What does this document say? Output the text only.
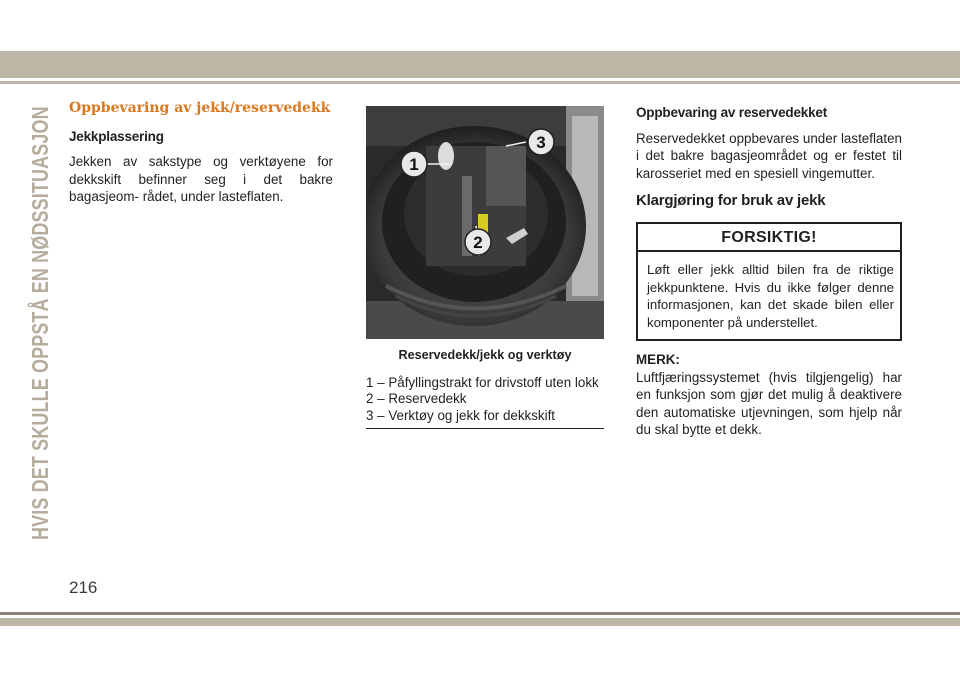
HVIS DET SKULLE OPPSTÅ EN NØDSSITUASJON Oppbevaring av jekk/reservedekk
Jekkplassering

Jekken av sakstype og verktøyene for dekkskift befinner seg i det bakre bagasjeom- rådet, under lasteflaten.

1
2
3
Reservedekk/jekk og verktøy
1 – Påfyllingstrakt for drivstoff uten lokk
2 – Reservedekk
3 – Verktøy og jekk for dekkskift
Oppbevaring av reservedekket

Reservedekket oppbevares under lasteflaten i det bakre bagasjeområdet og er festet til karosseriet med en spesiell vingemutter.

Klargjøring for bruk av jekk
FORSIKTIG!
Løft eller jekk alltid bilen fra de riktige jekkpunktene. Hvis du ikke følger denne informasjonen, kan det skade bilen eller komponenter på understellet.
MERK:

Luftfjæringssystemet (hvis tilgjengelig) har en funksjon som gjør det mulig å deaktivere den automatiske utjevningen, som hjelp når du skal bytte et dekk.

216
